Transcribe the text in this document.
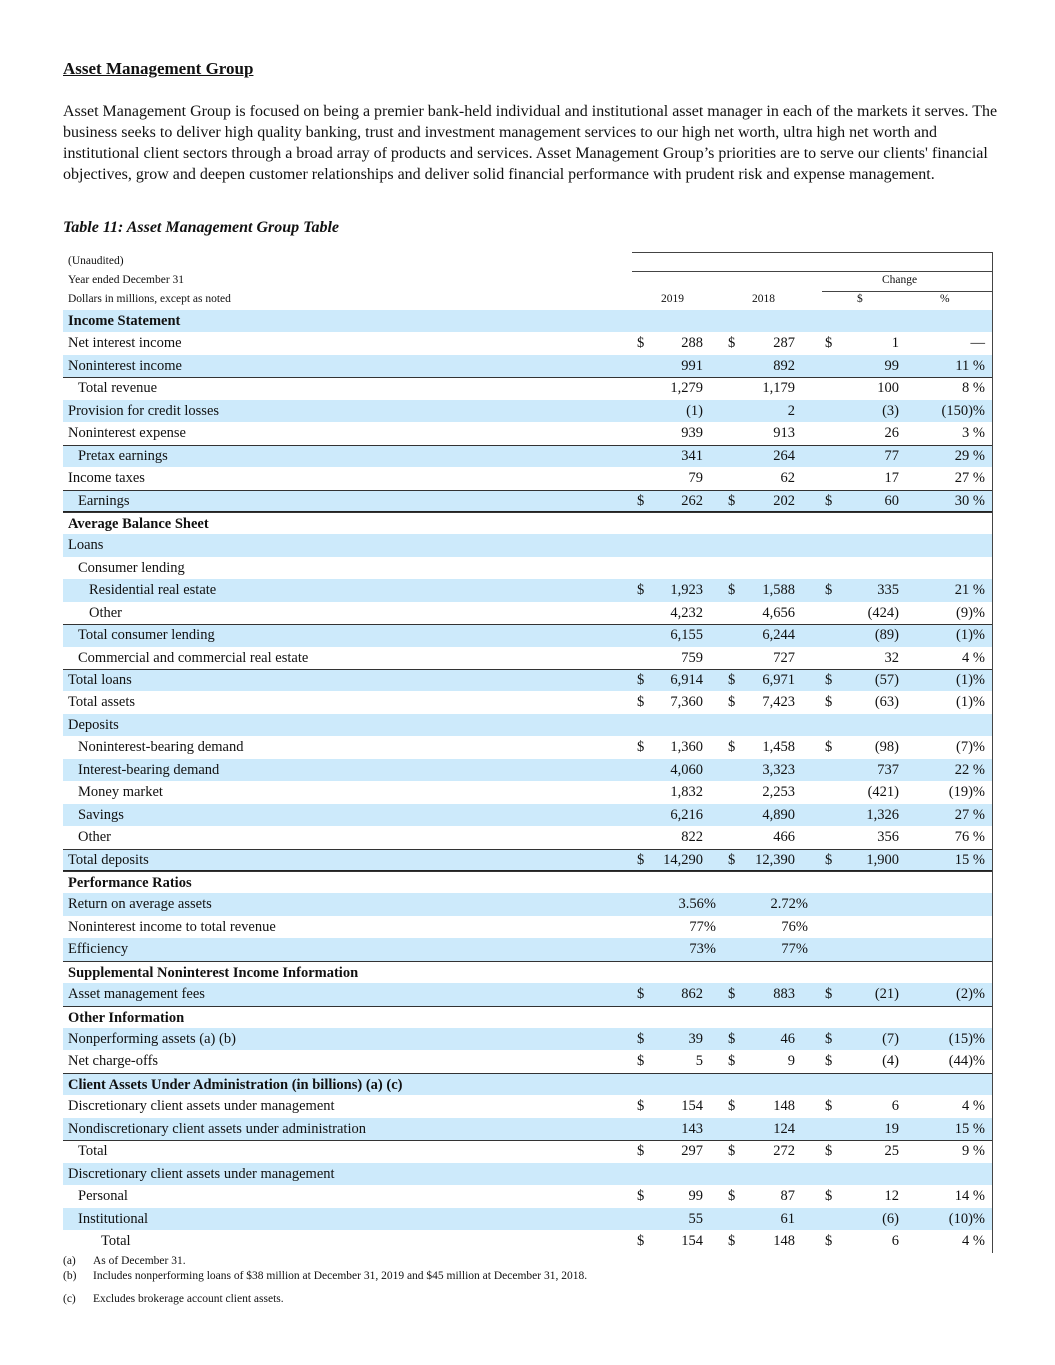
Asset Management Group

Asset Management Group is focused on being a premier bank-held individual and institutional asset manager in each of the markets it serves. The business seeks to deliver high quality banking, trust and investment management services to our high net worth, ultra high net worth and institutional client sectors through a broad array of products and services. Asset Management Group’s priorities are to serve our clients' financial objectives, grow and deepen customer relationships and deliver solid financial performance with prudent risk and expense management.

Table 11: Asset Management Group Table

(Unaudited)
Year ended December 31
Dollars in millions, except as noted
Change
2019	2018	$	%
Income Statement
Net interest income	$	288 $	287 $	1	—
Noninterest income	991	892	99	11 %
Total revenue	1,279	1,179	100	8 %
Provision for credit losses	(1)	2	(3)	(150)%
Noninterest expense	939	913	26	3 %
Pretax earnings	341	264	77	29 %
Income taxes	79	62	17	27 %
Earnings	$	262 $	202 $	60	30 %
Average Balance Sheet
Loans
Consumer lending
Residential real estate	$ 1,923 $ 1,588 $	335	21 %
Other	4,232	4,656	(424)	(9)%
Total consumer lending	6,155	6,244	(89)	(1)%
Commercial and commercial real estate	759	727	32	4 %
Total loans	$ 6,914 $ 6,971 $	(57)	(1)%
Total assets	$ 7,360 $ 7,423 $	(63)	(1)%
Deposits
Noninterest-bearing demand	$ 1,360 $ 1,458 $	(98)	(7)%
Interest-bearing demand	4,060	3,323	737	22 %
Money market	1,832	2,253	(421)	(19)%
Savings	6,216	4,890	1,326	27 %
Other	822	466	356	76 %
Total deposits	$ 14,290 $ 12,390 $ 1,900	15 %
Performance Ratios
Return on average assets	3.56%	2.72%
Noninterest income to total revenue	77%	76%
Efficiency	73%	77%
Supplemental Noninterest Income Information
Asset management fees	$	862 $	883 $	(21)	(2)%
Other Information
Nonperforming assets (a) (b)	$	39 $	46 $	(7)	(15)%
Net charge-offs	$	5 $	9 $	(4)	(44)%
Client Assets Under Administration (in billions) (a) (c)
Discretionary client assets under management	$	154 $	148 $	6	4 %
Nondiscretionary client assets under administration	143	124	19	15 %
Total	$	297 $	272 $	25	9 %
Discretionary client assets under management
Personal	$	99 $	87 $	12	14 %
Institutional	55	61	(6)	(10)%
Total	$	154 $	148 $	6	4 %
(a) As of December 31.
(b) Includes nonperforming loans of $38 million at December 31, 2019 and $45 million at December 31, 2018.
(c) Excludes brokerage account client assets.
